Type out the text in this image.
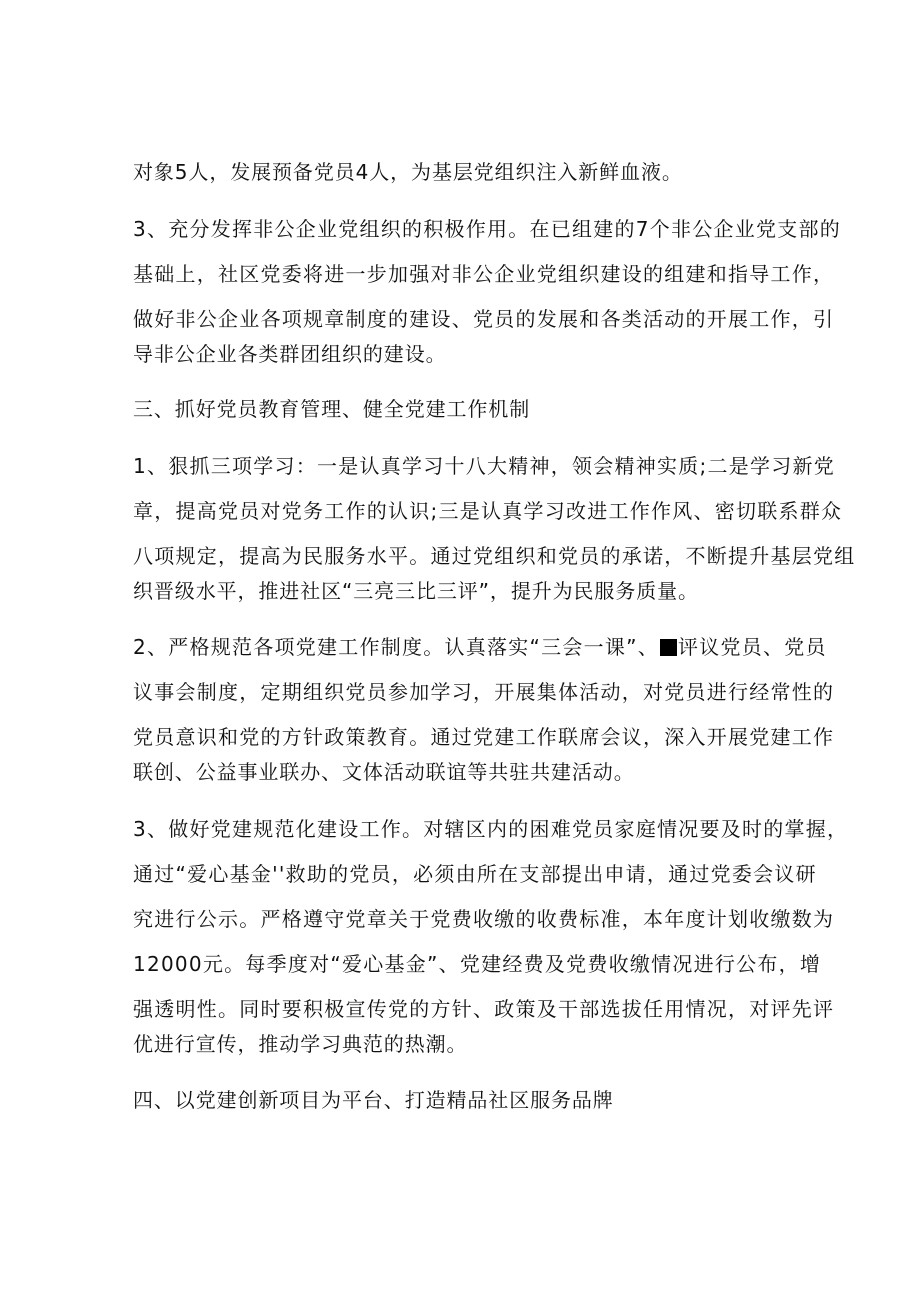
对象5人，发展预备党员4人，为基层党组织注入新鲜血液。
3、充分发挥非公企业党组织的积极作用。在已组建的7个非公企业党支部的
基础上，社区党委将进一步加强对非公企业党组织建设的组建和指导工作，
做好非公企业各项规章制度的建设、党员的发展和各类活动的开展工作，引
导非公企业各类群团组织的建设。
三、抓好党员教育管理、健全党建工作机制
1、狠抓三项学习：一是认真学习十八大精神，领会精神实质;二是学习新党
章，提高党员对党务工作的认识;三是认真学习改进工作作风、密切联系群众
八项规定，提高为民服务水平。通过党组织和党员的承诺，不断提升基层党组
织晋级水平，推进社区“三亮三比三评”，提升为民服务质量。
2、严格规范各项党建工作制度。认真落实“三会一课”、 评议党员、党员
议事会制度，定期组织党员参加学习，开展集体活动，对党员进行经常性的
党员意识和党的方针政策教育。通过党建工作联席会议，深入开展党建工作
联创、公益事业联办、文体活动联谊等共驻共建活动。
3、做好党建规范化建设工作。对辖区内的困难党员家庭情况要及时的掌握，
通过“爱心基金''救助的党员，必须由所在支部提出申请，通过党委会议研
究进行公示。严格遵守党章关于党费收缴的收费标准，本年度计划收缴数为
12000元。每季度对“爱心基金”、党建经费及党费收缴情况进行公布，增
强透明性。同时要积极宣传党的方针、政策及干部选拔任用情况，对评先评
优进行宣传，推动学习典范的热潮。
四、以党建创新项目为平台、打造精品社区服务品牌
